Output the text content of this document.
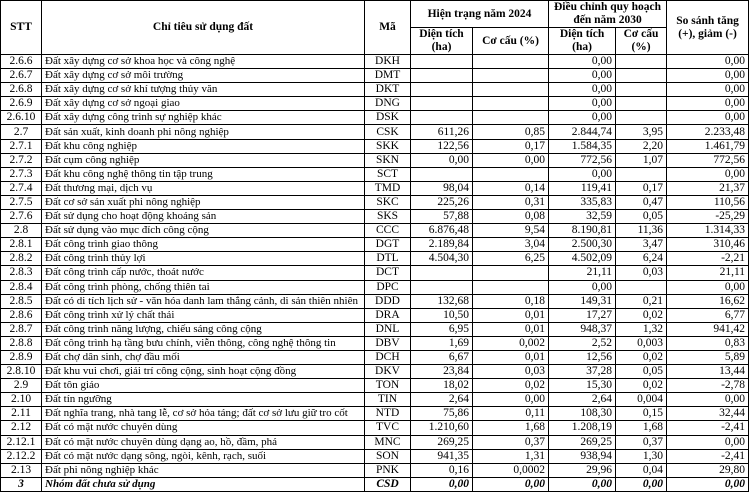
STT	Chỉ tiêu sử dụng đất	Mã	Hiện trạng năm 2024		Điều chỉnh quy hoạch đến năm 2030		So sánh tăng (+), giảm (-)
			Diện tích (ha)	Cơ cấu (%)	Diện tích (ha)	Cơ cấu (%)	
2.6.6	Đất xây dựng cơ sở khoa học và công nghệ	DKH			0,00		0,00
2.6.7	Đất xây dựng cơ sở môi trường	DMT			0,00		0,00
2.6.8	Đất xây dựng cơ sở khí tượng thủy văn	DKT			0,00		0,00
2.6.9	Đất xây dựng cơ sở ngoại giao	DNG			0,00		0,00
2.6.10	Đất xây dựng công trình sự nghiệp khác	DSK			0,00		0,00
2.7	Đất sản xuất, kinh doanh phi nông nghiệp	CSK	611,26	0,85	2.844,74	3,95	2.233,48
2.7.1	Đất khu công nghiệp	SKK	122,56	0,17	1.584,35	2,20	1.461,79
2.7.2	Đất cụm công nghiệp	SKN	0,00	0,00	772,56	1,07	772,56
2.7.3	Đất khu công nghệ thông tin tập trung	SCT			0,00		0,00
2.7.4	Đất thương mại, dịch vụ	TMD	98,04	0,14	119,41	0,17	21,37
2.7.5	Đất cơ sở sản xuất phi nông nghiệp	SKC	225,26	0,31	335,83	0,47	110,56
2.7.6	Đất sử dụng cho hoạt động khoáng sản	SKS	57,88	0,08	32,59	0,05	-25,29
2.8	Đất sử dụng vào mục đích công cộng	CCC	6.876,48	9,54	8.190,81	11,36	1.314,33
2.8.1	Đất công trình giao thông	DGT	2.189,84	3,04	2.500,30	3,47	310,46
2.8.2	Đất công trình thủy lợi	DTL	4.504,30	6,25	4.502,09	6,24	-2,21
2.8.3	Đất công trình cấp nước, thoát nước	DCT			21,11	0,03	21,11
2.8.4	Đất công trình phòng, chống thiên tai	DPC			0,00		0,00
2.8.5	Đất có di tích lịch sử - văn hóa danh lam thắng cảnh, di sản thiên nhiên	DDD	132,68	0,18	149,31	0,21	16,62
2.8.6	Đất công trình xử lý chất thải	DRA	10,50	0,01	17,27	0,02	6,77
2.8.7	Đất công trình năng lượng, chiếu sáng công cộng	DNL	6,95	0,01	948,37	1,32	941,42
2.8.8	Đất công trình hạ tầng bưu chính, viễn thông, công nghệ thông tin	DBV	1,69	0,002	2,52	0,003	0,83
2.8.9	Đất chợ dân sinh, chợ đầu mối	DCH	6,67	0,01	12,56	0,02	5,89
2.8.10	Đất khu vui chơi, giải trí công cộng, sinh hoạt cộng đồng	DKV	23,84	0,03	37,28	0,05	13,44
2.9	Đất tôn giáo	TON	18,02	0,02	15,30	0,02	-2,78
2.10	Đất tín ngưỡng	TIN	2,64	0,00	2,64	0,004	0,00
2.11	Đất nghĩa trang, nhà tang lễ, cơ sở hỏa táng; đất cơ sở lưu giữ tro cốt	NTD	75,86	0,11	108,30	0,15	32,44
2.12	Đất có mặt nước chuyên dùng	TVC	1.210,60	1,68	1.208,19	1,68	-2,41
2.12.1	Đất có mặt nước chuyên dùng dạng ao, hồ, đầm, phá	MNC	269,25	0,37	269,25	0,37	0,00
2.12.2	Đất có mặt nước dạng sông, ngòi, kênh, rạch, suối	SON	941,35	1,31	938,94	1,30	-2,41
2.13	Đất phi nông nghiệp khác	PNK	0,16	0,0002	29,96	0,04	29,80
3	Nhóm đất chưa sử dụng	CSD	0,00	0,00	0,00	0,00	0,00
